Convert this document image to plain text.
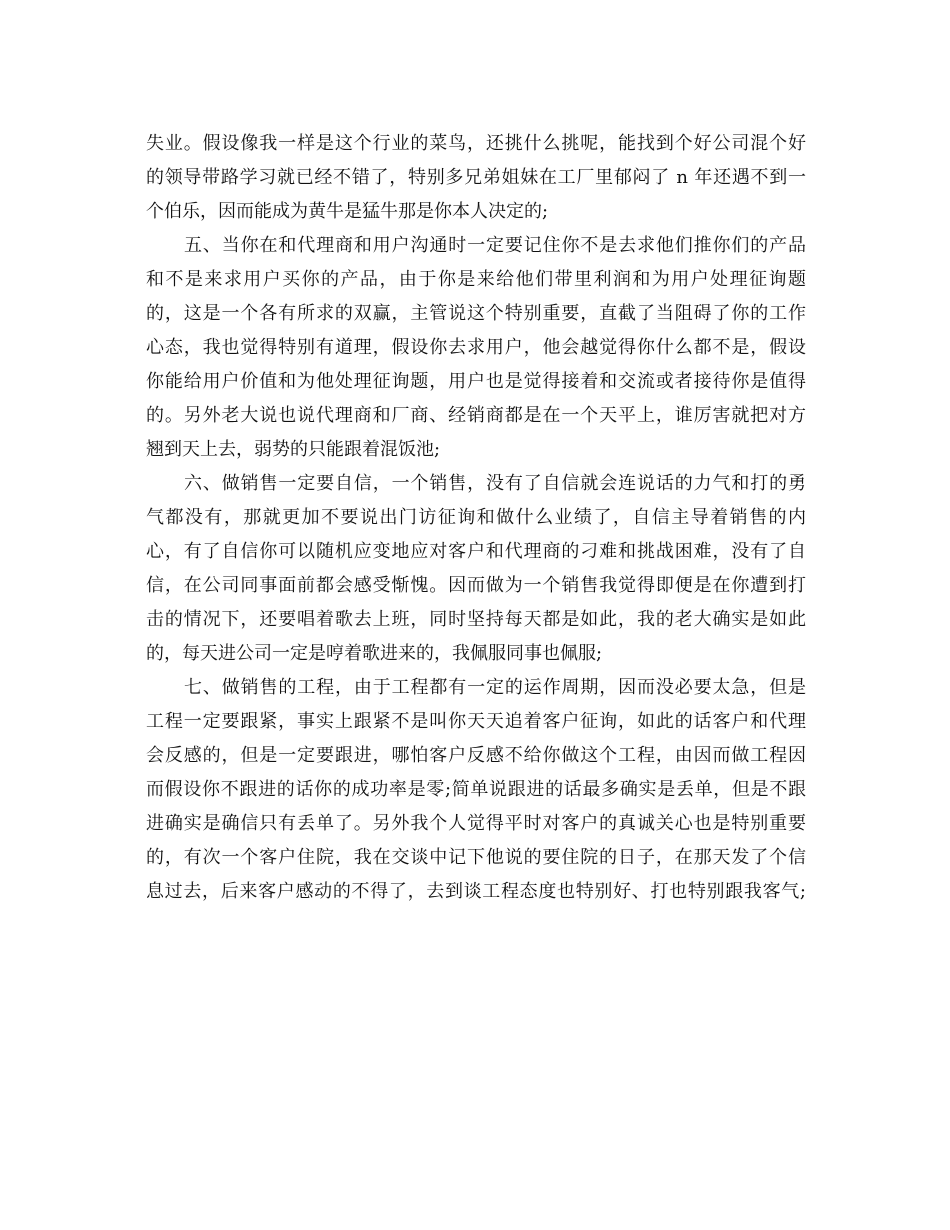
失业。假设像我一样是这个行业的菜鸟，还挑什么挑呢，能找到个好公司混个好
的领导带路学习就已经不错了，特别多兄弟姐妹在工厂里郁闷了 n 年还遇不到一
个伯乐，因而能成为黄牛是猛牛那是你本人决定的;
五、当你在和代理商和用户沟通时一定要记住你不是去求他们推你们的产品
和不是来求用户买你的产品，由于你是来给他们带里利润和为用户处理征询题
的，这是一个各有所求的双赢，主管说这个特别重要，直截了当阻碍了你的工作
心态，我也觉得特别有道理，假设你去求用户，他会越觉得你什么都不是，假设
你能给用户价值和为他处理征询题，用户也是觉得接着和交流或者接待你是值得
的。另外老大说也说代理商和厂商、经销商都是在一个天平上，谁厉害就把对方
翘到天上去，弱势的只能跟着混饭池;
六、做销售一定要自信，一个销售，没有了自信就会连说话的力气和打的勇
气都没有，那就更加不要说出门访征询和做什么业绩了，自信主导着销售的内
心，有了自信你可以随机应变地应对客户和代理商的刁难和挑战困难，没有了自
信，在公司同事面前都会感受惭愧。因而做为一个销售我觉得即便是在你遭到打
击的情况下，还要唱着歌去上班，同时坚持每天都是如此，我的老大确实是如此
的，每天进公司一定是哼着歌进来的，我佩服同事也佩服;
七、做销售的工程，由于工程都有一定的运作周期，因而没必要太急，但是
工程一定要跟紧，事实上跟紧不是叫你天天追着客户征询，如此的话客户和代理
会反感的，但是一定要跟进，哪怕客户反感不给你做这个工程，由因而做工程因
而假设你不跟进的话你的成功率是零;简单说跟进的话最多确实是丢单，但是不跟
进确实是确信只有丢单了。另外我个人觉得平时对客户的真诚关心也是特别重要
的，有次一个客户住院，我在交谈中记下他说的要住院的日子，在那天发了个信
息过去，后来客户感动的不得了，去到谈工程态度也特别好、打也特别跟我客气;
